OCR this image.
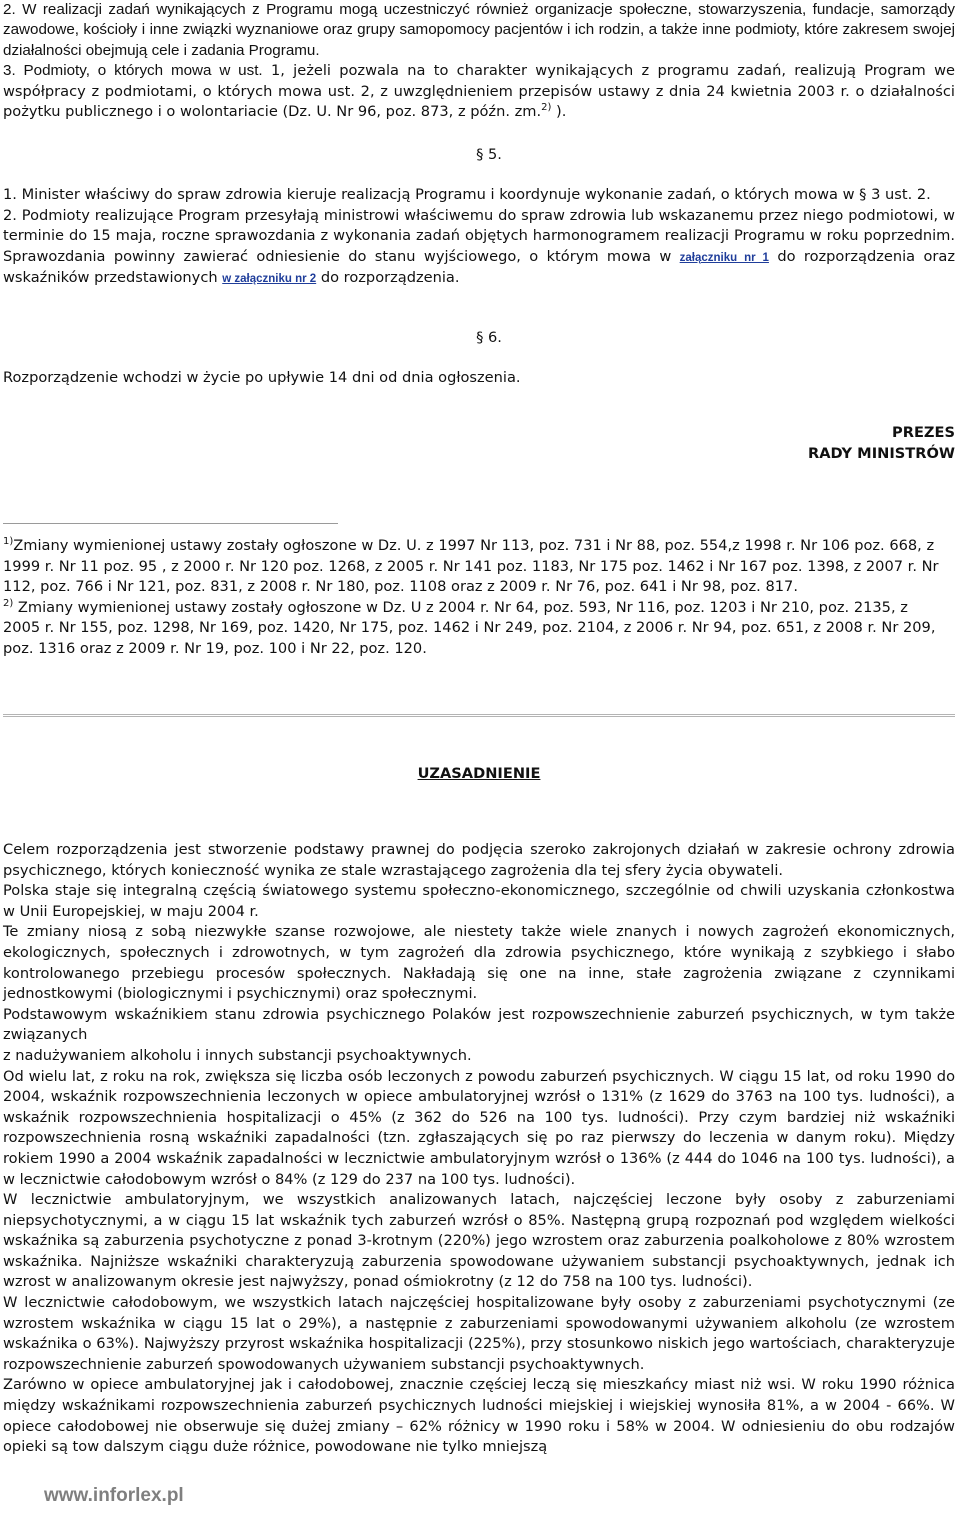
2. W realizacji zadań wynikających z Programu mogą uczestniczyć również organizacje społeczne, stowarzyszenia, fundacje, samorządy zawodowe, kościoły i inne związki wyznaniowe oraz grupy samopomocy pacjentów i ich rodzin, a także inne podmioty, które zakresem swojej działalności obejmują cele i zadania Programu.

3. Podmioty, o których mowa w ust. 1, jeżeli pozwala na to charakter wynikających z programu zadań, realizują Program we współpracy z podmiotami, o których mowa ust. 2, z uwzględnieniem przepisów ustawy z dnia 24 kwietnia 2003 r. o działalności pożytku publicznego i o wolontariacie (Dz. U. Nr 96, poz. 873, z późn. zm.$^{2)}$ ).

§ 5.

1. Minister właściwy do spraw zdrowia kieruje realizacją Programu i koordynuje wykonanie zadań, o których mowa w § 3 ust. 2.

2. Podmioty realizujące Program przesyłają ministrowi właściwemu do spraw zdrowia lub wskazanemu przez niego podmiotowi, w terminie do 15 maja, roczne sprawozdania z wykonania zadań objętych harmonogramem realizacji Programu w roku poprzednim. Sprawozdania powinny zawierać odniesienie do stanu wyjściowego, o którym mowa w załączniku nr 1 do rozporządzenia oraz wskaźników przedstawionych w załączniku nr 2 do rozporządzenia.

§ 6.

Rozporządzenie wchodzi w życie po upływie 14 dni od dnia ogłoszenia.

PREZES

RADY MINISTRÓW

$^{1)}$Zmiany wymienionej ustawy zostały ogłoszone w Dz. U. z 1997 Nr 113, poz. 731 i Nr 88, poz. 554,z 1998 r. Nr 106 poz. 668, z 1999 r. Nr 11 poz. 95 , z 2000 r. Nr 120 poz. 1268, z 2005 r. Nr 141 poz. 1183, Nr 175 poz. 1462 i Nr 167 poz. 1398, z 2007 r. Nr 112, poz. 766 i Nr 121, poz. 831, z 2008 r. Nr 180, poz. 1108 oraz z 2009 r. Nr 76, poz. 641 i Nr 98, poz. 817.

$^{2)}$ Zmiany wymienionej ustawy zostały ogłoszone w Dz. U z 2004 r. Nr 64, poz. 593, Nr 116, poz. 1203 i Nr 210, poz. 2135, z 2005 r. Nr 155, poz. 1298, Nr 169, poz. 1420, Nr 175, poz. 1462 i Nr 249, poz. 2104, z 2006 r. Nr 94, poz. 651, z 2008 r. Nr 209, poz. 1316 oraz z 2009 r. Nr 19, poz. 100 i Nr 22, poz. 120.

UZASADNIENIE

Celem rozporządzenia jest stworzenie podstawy prawnej do podjęcia szeroko zakrojonych działań w zakresie ochrony zdrowia psychicznego, których konieczność wynika ze stale wzrastającego zagrożenia dla tej sfery życia obywateli.

Polska staje się integralną częścią światowego systemu społeczno-ekonomicznego, szczególnie od chwili uzyskania członkostwa w Unii Europejskiej, w maju 2004 r.

Te zmiany niosą z sobą niezwykłe szanse rozwojowe, ale niestety także wiele znanych i nowych zagrożeń ekonomicznych, ekologicznych, społecznych i zdrowotnych, w tym zagrożeń dla zdrowia psychicznego, które wynikają z szybkiego i słabo kontrolowanego przebiegu procesów społecznych. Nakładają się one na inne, stałe zagrożenia związane z czynnikami jednostkowymi (biologicznymi i psychicznymi) oraz społecznymi.

Podstawowym wskaźnikiem stanu zdrowia psychicznego Polaków jest rozpowszechnienie zaburzeń psychicznych, w tym także związanych

z nadużywaniem alkoholu i innych substancji psychoaktywnych.

Od wielu lat, z roku na rok, zwiększa się liczba osób leczonych z powodu zaburzeń psychicznych. W ciągu 15 lat, od roku 1990 do 2004, wskaźnik rozpowszechnienia leczonych w opiece ambulatoryjnej wzrósł o 131% (z 1629 do 3763 na 100 tys. ludności), a wskaźnik rozpowszechnienia hospitalizacji o 45% (z 362 do 526 na 100 tys. ludności). Przy czym bardziej niż wskaźniki rozpowszechnienia rosną wskaźniki zapadalności (tzn. zgłaszających się po raz pierwszy do leczenia w danym roku). Między rokiem 1990 a 2004 wskaźnik zapadalności w lecznictwie ambulatoryjnym wzrósł o 136% (z 444 do 1046 na 100 tys. ludności), a w lecznictwie całodobowym wzrósł o 84% (z 129 do 237 na 100 tys. ludności).

W lecznictwie ambulatoryjnym, we wszystkich analizowanych latach, najczęściej leczone były osoby z zaburzeniami niepsychotycznymi, a w ciągu 15 lat wskaźnik tych zaburzeń wzrósł o 85%. Następną grupą rozpoznań pod względem wielkości wskaźnika są zaburzenia psychotyczne z ponad 3-krotnym (220%) jego wzrostem oraz zaburzenia poalkoholowe z 80% wzrostem wskaźnika. Najniższe wskaźniki charakteryzują zaburzenia spowodowane używaniem substancji psychoaktywnych, jednak ich wzrost w analizowanym okresie jest najwyższy, ponad ośmiokrotny (z 12 do 758 na 100 tys. ludności).

W lecznictwie całodobowym, we wszystkich latach najczęściej hospitalizowane były osoby z zaburzeniami psychotycznymi (ze wzrostem wskaźnika w ciągu 15 lat o 29%), a następnie z zaburzeniami spowodowanymi używaniem alkoholu (ze wzrostem wskaźnika o 63%). Najwyższy przyrost wskaźnika hospitalizacji (225%), przy stosunkowo niskich jego wartościach, charakteryzuje rozpowszechnienie zaburzeń spowodowanych używaniem substancji psychoaktywnych.

Zarówno w opiece ambulatoryjnej jak i całodobowej, znacznie częściej leczą się mieszkańcy miast niż wsi. W roku 1990 różnica między wskaźnikami rozpowszechnienia zaburzeń psychicznych ludności miejskiej i wiejskiej wynosiła 81%, a w 2004 - 66%. W opiece całodobowej nie obserwuje się dużej zmiany – 62% różnicy w 1990 roku i 58% w 2004. W odniesieniu do obu rodzajów opieki są tow dalszym ciągu duże różnice, powodowane nie tylko mniejszą

www.inforlex.pl
